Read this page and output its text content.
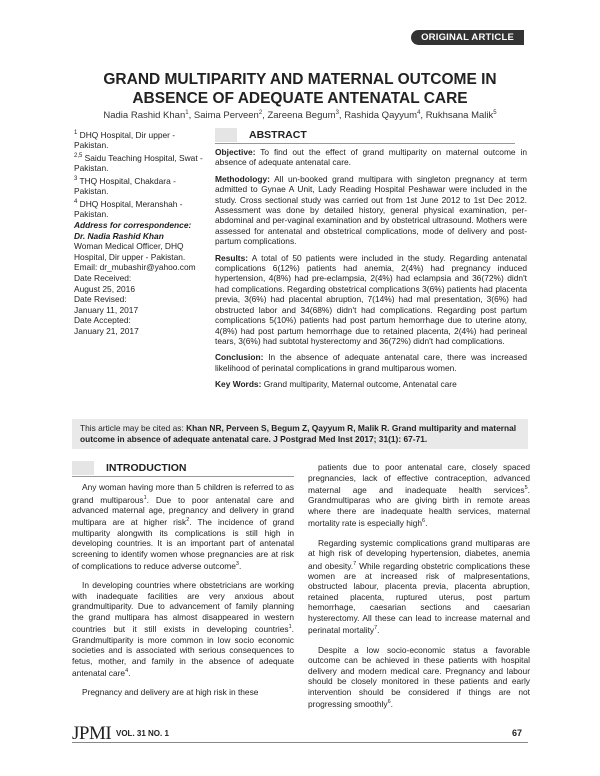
ORIGINAL ARTICLE
GRAND MULTIPARITY AND MATERNAL OUTCOME IN
ABSENCE OF ADEQUATE ANTENATAL CARE
Nadia Rashid Khan$^1$, Saima Perveen$^2$, Zareena Begum$^3$, Rashida Qayyum$^4$, Rukhsana Malik$^5$
$^1$ DHQ Hospital, Dir upper - Pakistan.
$^{2,5}$ Saidu Teaching Hospital, Swat - Pakistan.
$^3$ THQ Hospital, Chakdara - Pakistan.
$^4$ DHQ Hospital, Meranshah - Pakistan.
Address for correspondence:
Dr. Nadia Rashid Khan
Woman Medical Officer, DHQ Hospital, Dir upper - Pakistan.
Email: dr_mubashir@yahoo.com
Date Received:
August 25, 2016
Date Revised:
January 11, 2017
Date Accepted:
January 21, 2017
ABSTRACT

Objective: To find out the effect of grand multiparity on maternal outcome in absence of adequate antenatal care.

Methodology: All un-booked grand multipara with singleton pregnancy at term admitted to Gynae A Unit, Lady Reading Hospital Peshawar were included in the study. Cross sectional study was carried out from 1st June 2012 to 1st Dec 2012. Assessment was done by detailed history, general physical examination, per-abdominal and per-vaginal examination and by obstetrical ultrasound. Mothers were assessed for antenatal and obstetrical complications, mode of delivery and post-partum complications.

Results: A total of 50 patients were included in the study. Regarding antenatal complications 6(12%) patients had anemia, 2(4%) had pregnancy induced hypertension, 4(8%) had pre-eclampsia, 2(4%) had eclampsia and 36(72%) didn't had complications. Regarding obstetrical complications 3(6%) patients had placenta previa, 3(6%) had placental abruption, 7(14%) had mal presentation, 3(6%) had obstructed labor and 34(68%) didn't had complications. Regarding post partum complications 5(10%) patients had post partum hemorrhage due to uterine atony, 4(8%) had post partum hemorrhage due to retained placenta, 2(4%) had perineal tears, 3(6%) had subtotal hysterectomy and 36(72%) didn't had complications.

Conclusion: In the absence of adequate antenatal care, there was increased likelihood of perinatal complications in grand multiparous women.

Key Words: Grand multiparity, Maternal outcome, Antenatal care

This article may be cited as: Khan NR, Perveen S, Begum Z, Qayyum R, Malik R. Grand multiparity and maternal outcome in absence of adequate antenatal care. J Postgrad Med Inst 2017; 31(1): 67-71.
INTRODUCTION

Any woman having more than 5 children is referred to as grand multiparous$^1$. Due to poor antenatal care and advanced maternal age, pregnancy and delivery in grand multipara are at higher risk$^2$. The incidence of grand multiparity alongwith its complications is still high in developing countries. It is an important part of antenatal screening to identify women whose pregnancies are at risk of complications to reduce adverse outcome$^3$.

In developing countries where obstetricians are working with inadequate facilities are very anxious about grandmultiparity. Due to advancement of family planning the grand multipara has almost disappeared in western countries but it still exists in developing countries$^1$. Grandmultiparity is more common in low socio economic societies and is associated with serious consequences to fetus, mother, and family in the absence of adequate antenatal care$^4$.

Pregnancy and delivery are at high risk in these

patients due to poor antenatal care, closely spaced pregnancies, lack of effective contraception, advanced maternal age and inadequate health services$^5$. Grandmultiparas who are giving birth in remote areas where there are inadequate health services, maternal mortality rate is especially high$^6$.

Regarding systemic complications grand multiparas are at high risk of developing hypertension, diabetes, anemia and obesity.$^7$ While regarding obstetric complications these women are at increased risk of malpresentations, obstructed labour, placenta previa, placenta abruption, retained placenta, ruptured uterus, post partum hemorrhage, caesarian sections and caesarian hysterectomy. All these can lead to increase maternal and perinatal mortality$^7$.

Despite a low socio-economic status a favorable outcome can be achieved in these patients with hospital delivery and modern medical care. Pregnancy and labour should be closely monitored in these patients and early intervention should be considered if things are not progressing smoothly$^6$.

JPMI VOL. 31 NO. 1	67
